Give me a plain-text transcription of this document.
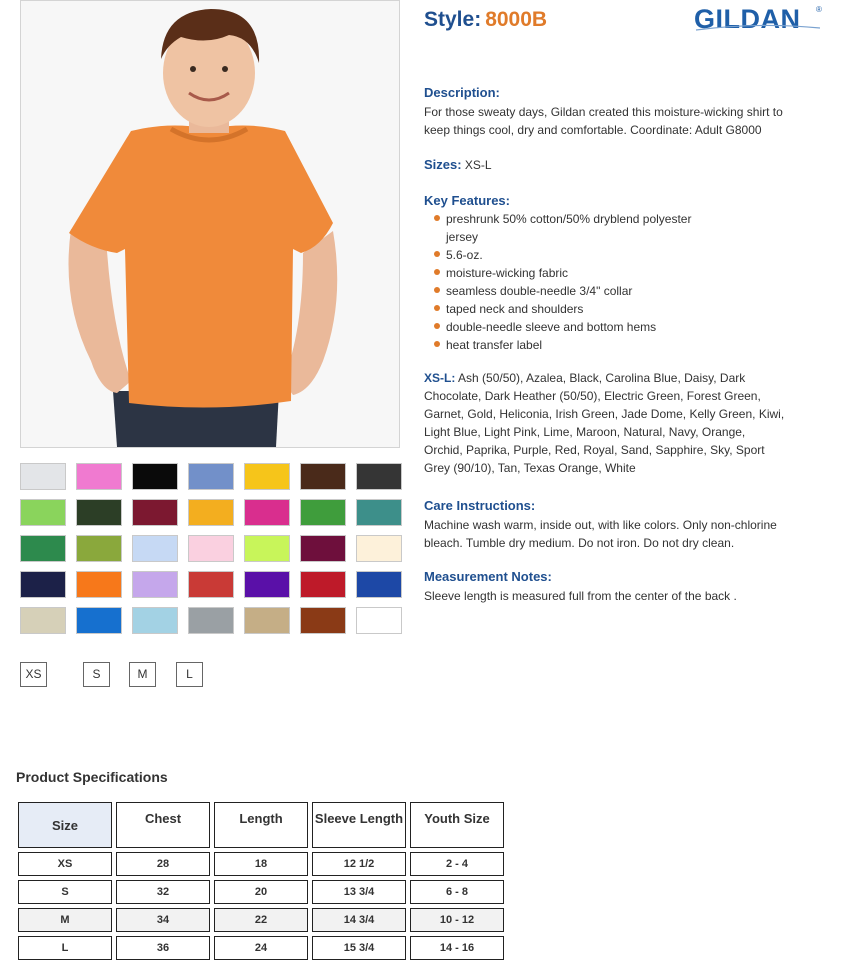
XS	S	M	L
Style: 8000B	GILDAN ®
Description:
For those sweaty days, Gildan created this moisture-wicking shirt to
keep things cool, dry and comfortable. Coordinate: Adult G8000
Sizes: XS-L
Key Features:
preshrunk 50% cotton/50% dryblend polyester
jersey
5.6-oz.
moisture-wicking fabric
seamless double-needle 3/4" collar
taped neck and shoulders
double-needle sleeve and bottom hems
heat transfer label
XS-L: Ash (50/50), Azalea, Black, Carolina Blue, Daisy, Dark
Chocolate, Dark Heather (50/50), Electric Green, Forest Green,
Garnet, Gold, Heliconia, Irish Green, Jade Dome, Kelly Green, Kiwi,
Light Blue, Light Pink, Lime, Maroon, Natural, Navy, Orange,
Orchid, Paprika, Purple, Red, Royal, Sand, Sapphire, Sky, Sport
Grey (90/10), Tan, Texas Orange, White
Care Instructions:
Machine wash warm, inside out, with like colors. Only non-chlorine
bleach. Tumble dry medium. Do not iron. Do not dry clean.
Measurement Notes:
Sleeve length is measured full from the center of the back .
Product Specifications
Size	Chest	Length	Sleeve Length	Youth Size
XS	28	18	12 1/2	2 - 4
S	32	20	13 3/4	6 - 8
M	34	22	14 3/4	10 - 12
L	36	24	15 3/4	14 - 16
